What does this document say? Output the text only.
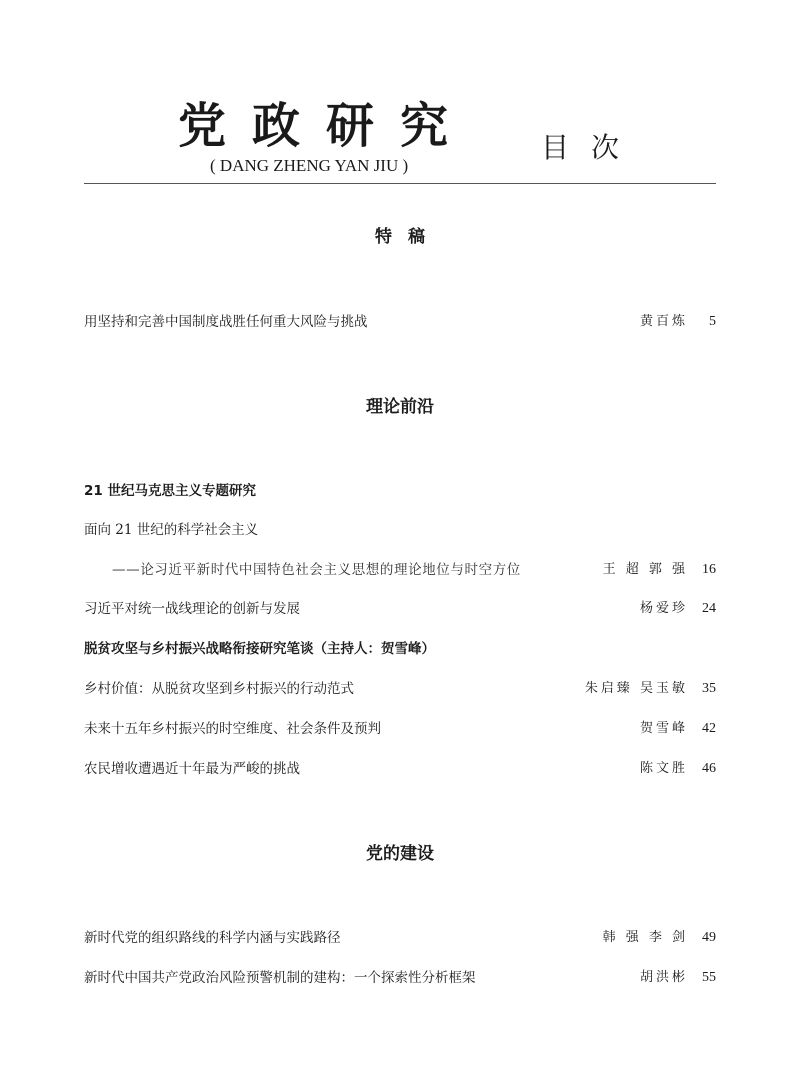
党政研究
( DANG ZHENG YAN JIU )
目次
特稿
用坚持和完善中国制度战胜任何重大风险与挑战	黄百炼 5
理论前沿
21 世纪马克思主义专题研究
面向 21 世纪的科学社会主义
——论习近平新时代中国特色社会主义思想的理论地位与时空方位	王 超 郭 强 16
习近平对统一战线理论的创新与发展	杨爱珍 24
脱贫攻坚与乡村振兴战略衔接研究笔谈（主持人：贺雪峰）
乡村价值：从脱贫攻坚到乡村振兴的行动范式	朱启臻 吴玉敏 35
未来十五年乡村振兴的时空维度、社会条件及预判	贺雪峰 42
农民增收遭遇近十年最为严峻的挑战	陈文胜 46
党的建设
新时代党的组织路线的科学内涵与实践路径	韩 强 李 剑 49
新时代中国共产党政治风险预警机制的建构：一个探索性分析框架	胡洪彬 55
